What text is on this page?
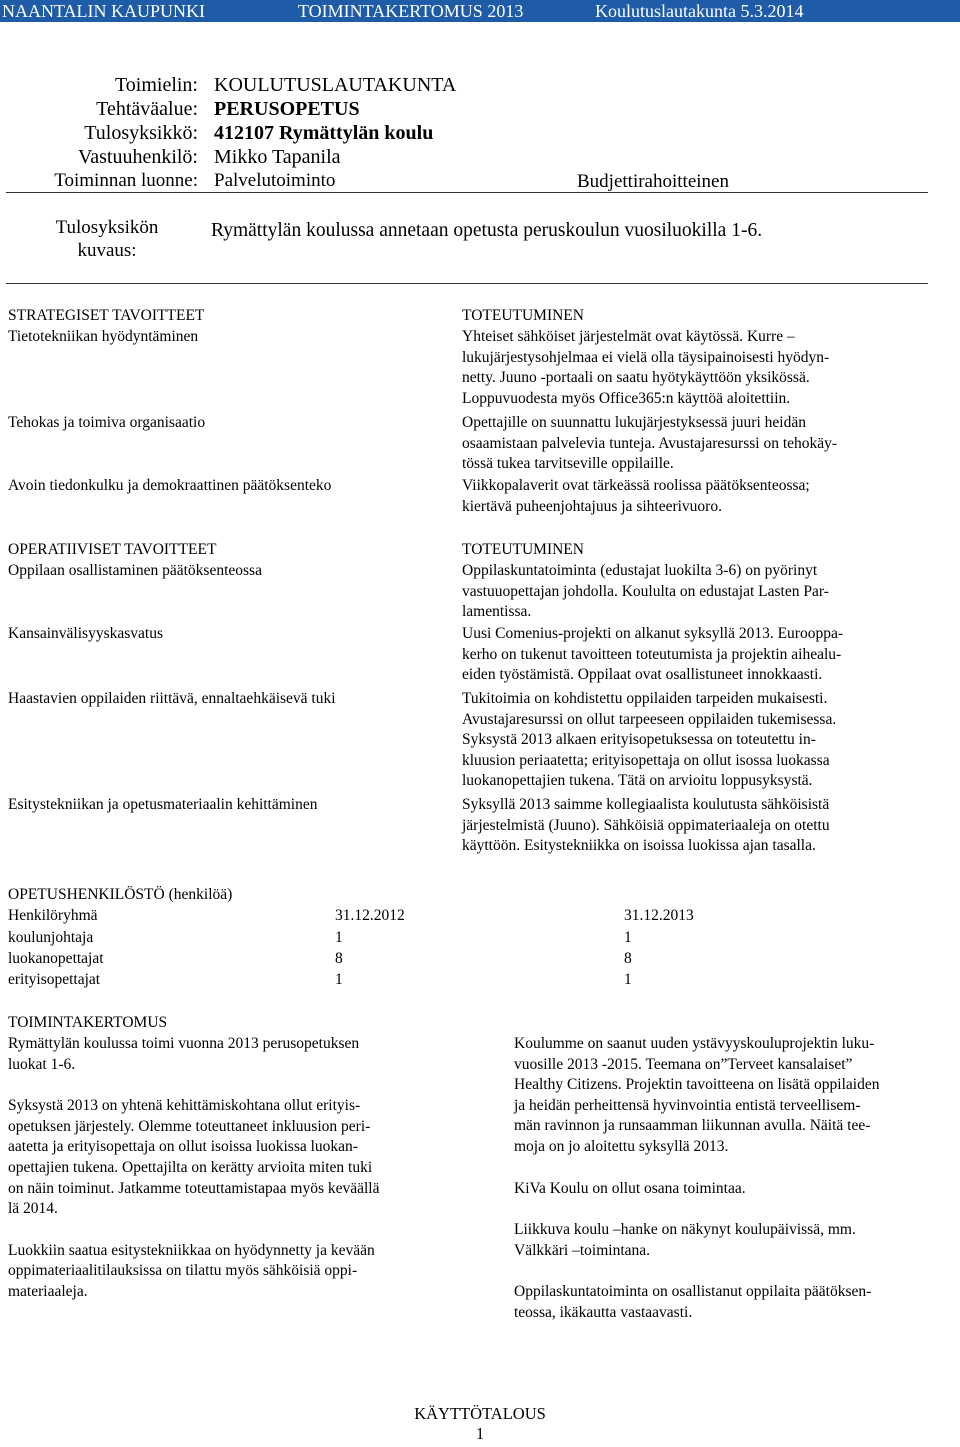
NAANTALIN KAUPUNKI	TOIMINTAKERTOMUS 2013	Koulutuslautakunta 5.3.2014
Toimielin: KOULUTUSLAUTAKUNTA
Tehtäväalue: PERUSOPETUS
Tulosyksikkö: 412107 Rymättylän koulu
Vastuuhenkilö: Mikko Tapanila
Toiminnan luonne: Palvelutoiminto	Budjettirahoitteinen
Tulosyksikön
kuvaus:
Rymättylän koulussa annetaan opetusta peruskoulun vuosiluokilla 1-6.
STRATEGISET TAVOITTEET	TOTEUTUMINEN
Tietotekniikan hyödyntäminen	Yhteiset sähköiset järjestelmät ovat käytössä. Kurre –
lukujärjestysohjelmaa ei vielä olla täysipainoisesti hyödyn-
netty. Juuno -portaali on saatu hyötykäyttöön yksikössä.
Loppuvuodesta myös Office365:n käyttöä aloitettiin.
Tehokas ja toimiva organisaatio	Opettajille on suunnattu lukujärjestyksessä juuri heidän
osaamistaan palvelevia tunteja. Avustajaresurssi on tehokäy-
tössä tukea tarvitseville oppilaille.
Avoin tiedonkulku ja demokraattinen päätöksenteko	Viikkopalaverit ovat tärkeässä roolissa päätöksenteossa;
kiertävä puheenjohtajuus ja sihteerivuoro.
OPERATIIVISET TAVOITTEET	TOTEUTUMINEN
Oppilaan osallistaminen päätöksenteossa	Oppilaskuntatoiminta (edustajat luokilta 3-6) on pyörinyt
vastuuopettajan johdolla. Koululta on edustajat Lasten Par-
lamentissa.
Kansainvälisyyskasvatus	Uusi Comenius-projekti on alkanut syksyllä 2013. Eurooppa-
kerho on tukenut tavoitteen toteutumista ja projektin aihealu-
eiden työstämistä. Oppilaat ovat osallistuneet innokkaasti.
Haastavien oppilaiden riittävä, ennaltaehkäisevä tuki	Tukitoimia on kohdistettu oppilaiden tarpeiden mukaisesti.
Avustajaresurssi on ollut tarpeeseen oppilaiden tukemisessa.
Syksystä 2013 alkaen erityisopetuksessa on toteutettu in-
kluusion periaatetta; erityisopettaja on ollut isossa luokassa
luokanopettajien tukena. Tätä on arvioitu loppusyksystä.
Esitystekniikan ja opetusmateriaalin kehittäminen	Syksyllä 2013 saimme kollegiaalista koulutusta sähköisistä
järjestelmistä (Juuno). Sähköisiä oppimateriaaleja on otettu
käyttöön. Esitystekniikka on isoissa luokissa ajan tasalla.
OPETUSHENKILÖSTÖ (henkilöä)
Henkilöryhmä	31.12.2012	31.12.2013
koulunjohtaja	1	1
luokanopettajat	8	8
erityisopettajat	1	1
TOIMINTAKERTOMUS
Rymättylän koulussa toimi vuonna 2013 perusopetuksen
luokat 1-6.
Syksystä 2013 on yhtenä kehittämiskohtana ollut erityis-
opetuksen järjestely. Olemme toteuttaneet inkluusion peri-
aatetta ja erityisopettaja on ollut isoissa luokissa luokan-
opettajien tukena. Opettajilta on kerätty arvioita miten tuki
on näin toiminut. Jatkamme toteuttamistapaa myös keväällä
lä 2014.
Luokkiin saatua esitystekniikkaa on hyödynnetty ja kevään
oppimateriaalitilauksissa on tilattu myös sähköisiä oppi-
materiaaleja.
Koulumme on saanut uuden ystävyyskouluprojektin luku-
vuosille 2013 -2015. Teemana on”Terveet kansalaiset”
Healthy Citizens. Projektin tavoitteena on lisätä oppilaiden
ja heidän perheittensä hyvinvointia entistä terveellisem-
män ravinnon ja runsaamman liikunnan avulla. Näitä tee-
moja on jo aloitettu syksyllä 2013.
KiVa Koulu on ollut osana toimintaa.
Liikkuva koulu –hanke on näkynyt koulupäivissä, mm.
Välkkäri –toimintana.
Oppilaskuntatoiminta on osallistanut oppilaita päätöksen-
teossa, ikäkautta vastaavasti.
KÄYTTÖTALOUS
1
